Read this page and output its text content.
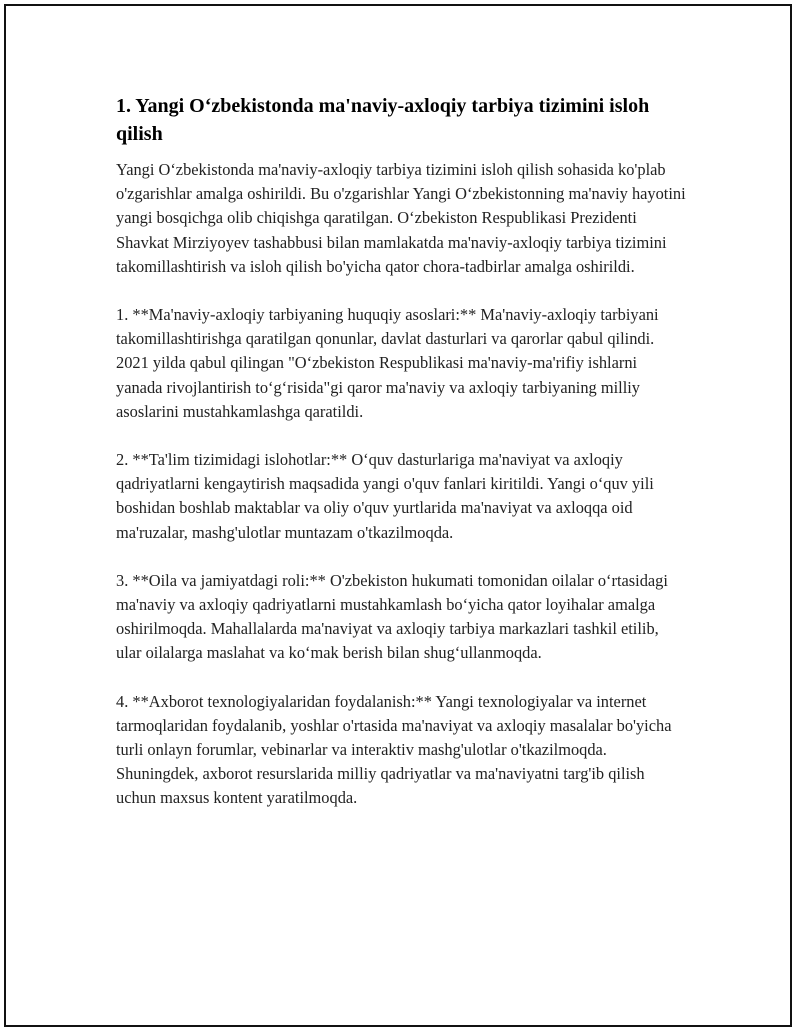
1. Yangi O‘zbekistonda ma'naviy-axloqiy tarbiya tizimini isloh qilish

Yangi O‘zbekistonda ma'naviy-axloqiy tarbiya tizimini isloh qilish sohasida ko'plab o'zgarishlar amalga oshirildi. Bu o'zgarishlar Yangi O‘zbekistonning ma'naviy hayotini yangi bosqichga olib chiqishga qaratilgan. O‘zbekiston Respublikasi Prezidenti Shavkat Mirziyoyev tashabbusi bilan mamlakatda ma'naviy-axloqiy tarbiya tizimini takomillashtirish va isloh qilish bo'yicha qator chora-tadbirlar amalga oshirildi.

1. **Ma'naviy-axloqiy tarbiyaning huquqiy asoslari:** Ma'naviy-axloqiy tarbiyani takomillashtirishga qaratilgan qonunlar, davlat dasturlari va qarorlar qabul qilindi. 2021 yilda qabul qilingan "O‘zbekiston Respublikasi ma'naviy-ma'rifiy ishlarni yanada rivojlantirish to‘g‘risida"gi qaror ma'naviy va axloqiy tarbiyaning milliy asoslarini mustahkamlashga qaratildi.

2. **Ta'lim tizimidagi islohotlar:** O‘quv dasturlariga ma'naviyat va axloqiy qadriyatlarni kengaytirish maqsadida yangi o'quv fanlari kiritildi. Yangi o‘quv yili boshidan boshlab maktablar va oliy o'quv yurtlarida ma'naviyat va axloqqa oid ma'ruzalar, mashg'ulotlar muntazam o'tkazilmoqda.

3. **Oila va jamiyatdagi roli:** O'zbekiston hukumati tomonidan oilalar o‘rtasidagi ma'naviy va axloqiy qadriyatlarni mustahkamlash bo‘yicha qator loyihalar amalga oshirilmoqda. Mahallalarda ma'naviyat va axloqiy tarbiya markazlari tashkil etilib, ular oilalarga maslahat va ko‘mak berish bilan shug‘ullanmoqda.

4. **Axborot texnologiyalaridan foydalanish:** Yangi texnologiyalar va internet tarmoqlaridan foydalanib, yoshlar o'rtasida ma'naviyat va axloqiy masalalar bo'yicha turli onlayn forumlar, vebinarlar va interaktiv mashg'ulotlar o'tkazilmoqda. Shuningdek, axborot resurslarida milliy qadriyatlar va ma'naviyatni targ'ib qilish uchun maxsus kontent yaratilmoqda.
